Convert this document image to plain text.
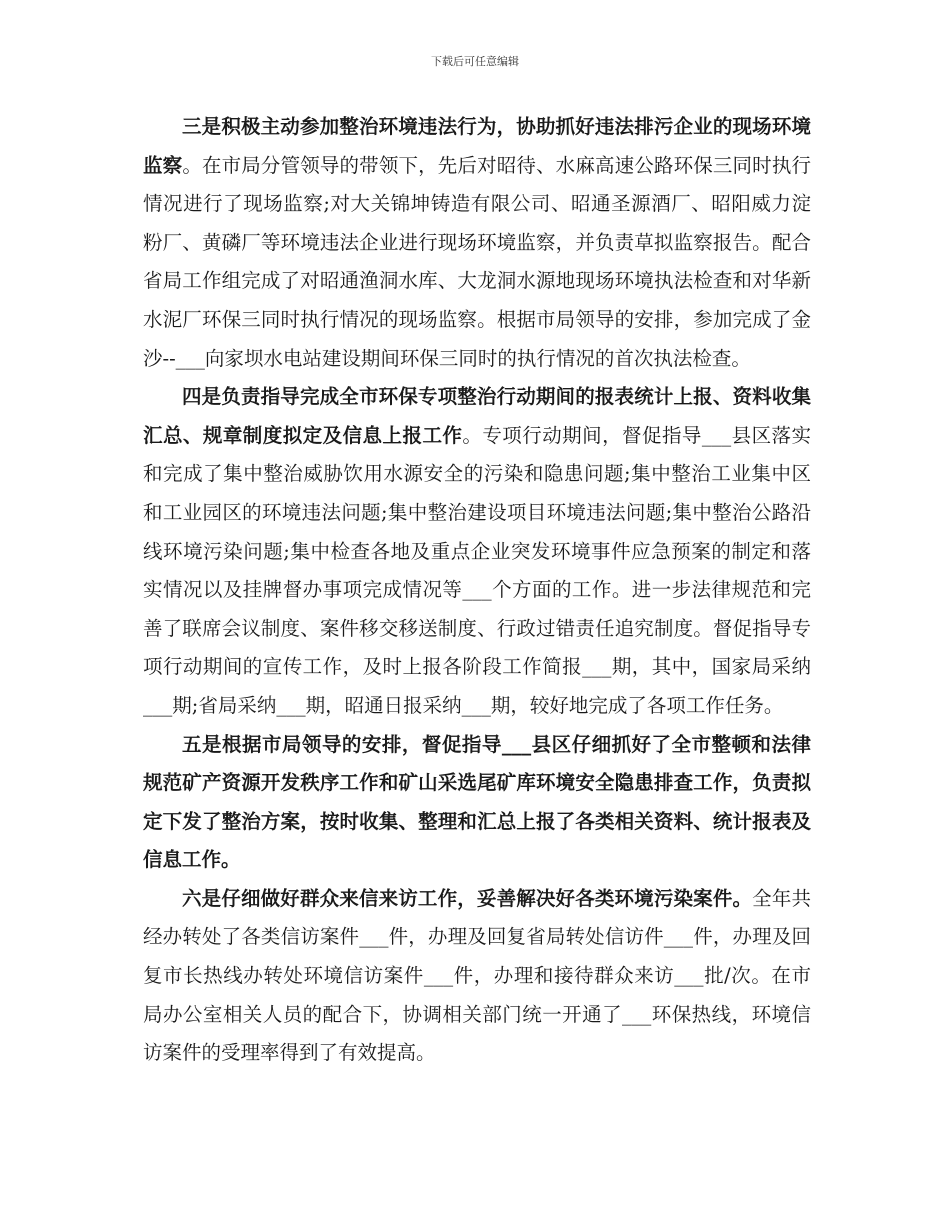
下载后可任意编辑

三是积极主动参加整治环境违法行为，协助抓好违法排污企业的现场环境监察。在市局分管领导的带领下，先后对昭待、水麻高速公路环保三同时执行情况进行了现场监察;对大关锦坤铸造有限公司、昭通圣源酒厂、昭阳威力淀粉厂、黄磷厂等环境违法企业进行现场环境监察，并负责草拟监察报告。配合省局工作组完成了对昭通渔洞水库、大龙洞水源地现场环境执法检查和对华新水泥厂环保三同时执行情况的现场监察。根据市局领导的安排，参加完成了金沙--___向家坝水电站建设期间环保三同时的执行情况的首次执法检查。

四是负责指导完成全市环保专项整治行动期间的报表统计上报、资料收集汇总、规章制度拟定及信息上报工作。专项行动期间，督促指导___县区落实和完成了集中整治威胁饮用水源安全的污染和隐患问题;集中整治工业集中区和工业园区的环境违法问题;集中整治建设项目环境违法问题;集中整治公路沿线环境污染问题;集中检查各地及重点企业突发环境事件应急预案的制定和落实情况以及挂牌督办事项完成情况等___个方面的工作。进一步法律规范和完善了联席会议制度、案件移交移送制度、行政过错责任追究制度。督促指导专项行动期间的宣传工作，及时上报各阶段工作简报___期，其中，国家局采纳___期;省局采纳___期，昭通日报采纳___期，较好地完成了各项工作任务。

五是根据市局领导的安排，督促指导___县区仔细抓好了全市整顿和法律规范矿产资源开发秩序工作和矿山采选尾矿库环境安全隐患排查工作，负责拟定下发了整治方案，按时收集、整理和汇总上报了各类相关资料、统计报表及信息工作。

六是仔细做好群众来信来访工作，妥善解决好各类环境污染案件。全年共经办转处了各类信访案件___件，办理及回复省局转处信访件___件，办理及回复市长热线办转处环境信访案件___件，办理和接待群众来访___批/次。在市局办公室相关人员的配合下，协调相关部门统一开通了___环保热线，环境信访案件的受理率得到了有效提高。
